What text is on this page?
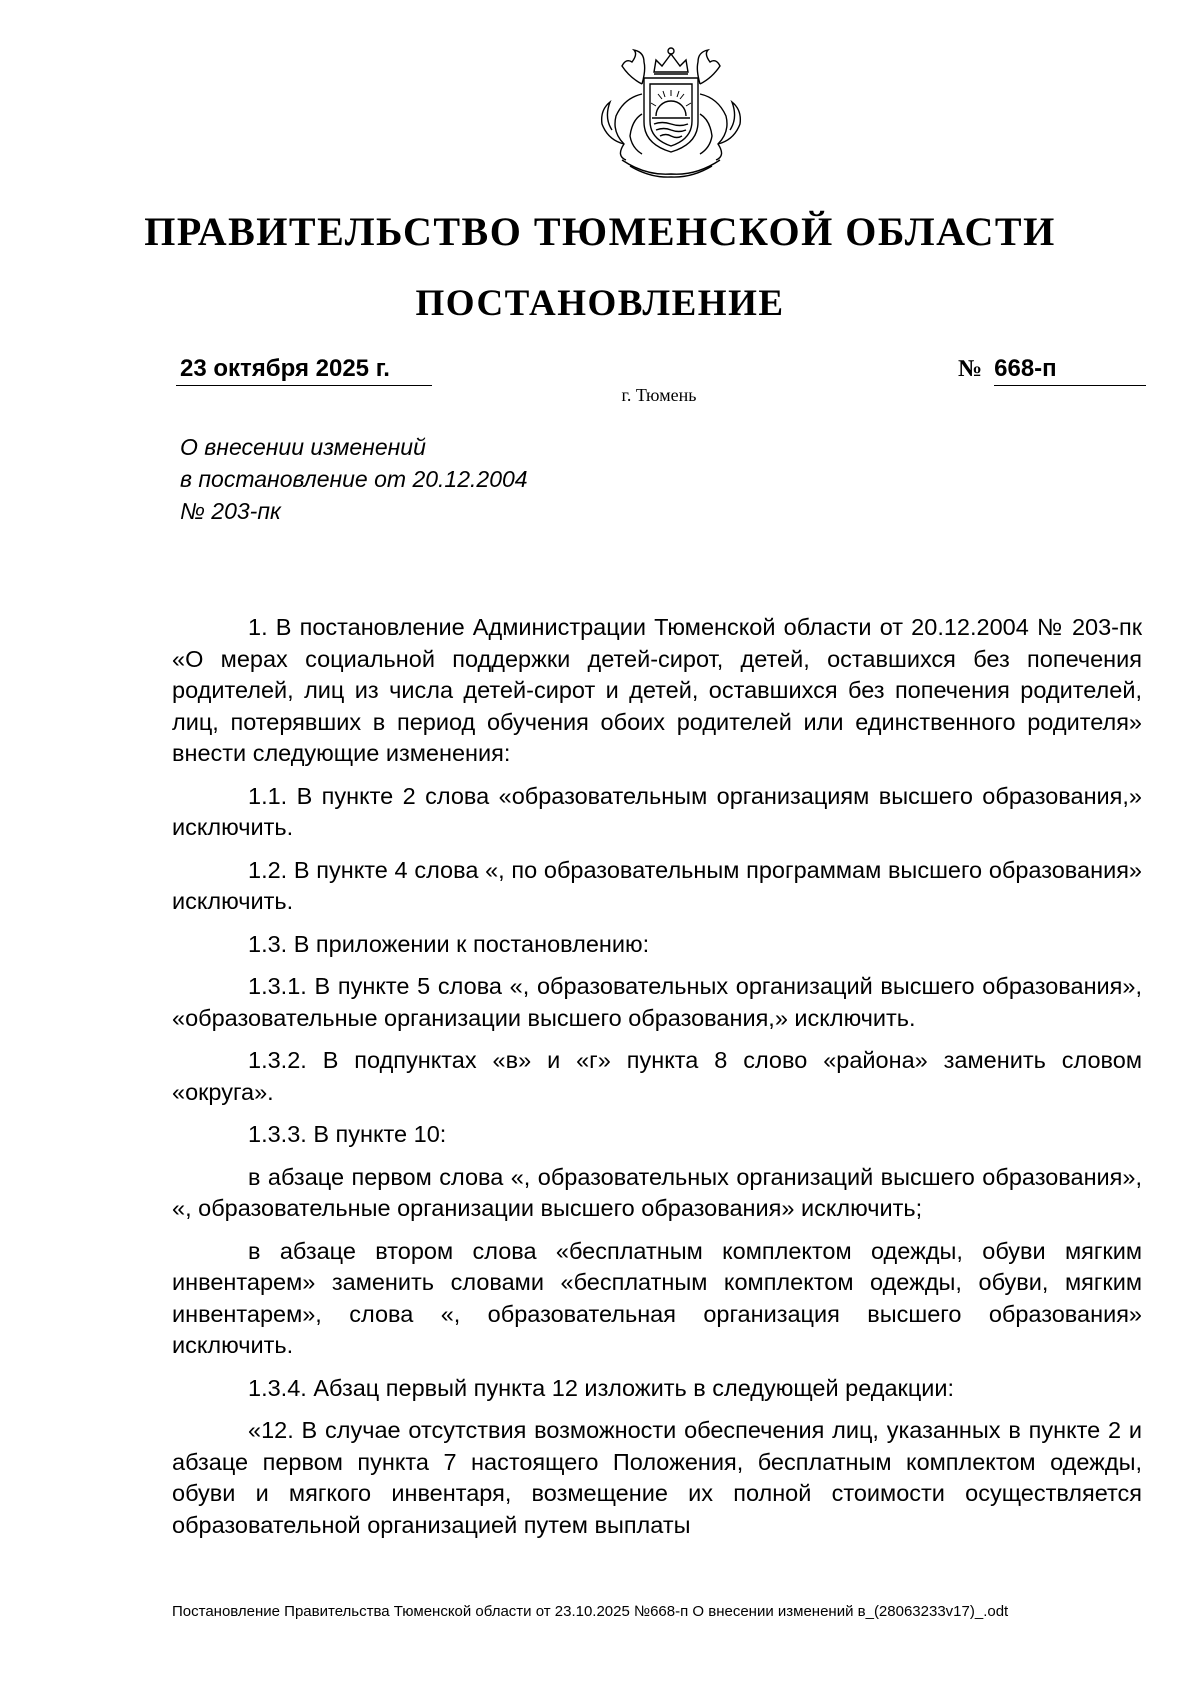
ПРАВИТЕЛЬСТВО ТЮМЕНСКОЙ ОБЛАСТИ
ПОСТАНОВЛЕНИЕ
23 октября 2025 г.	№ 668-п
г. Тюмень
О внесении изменений
в постановление от 20.12.2004
№ 203-пк

1. В постановление Администрации Тюменской области от 20.12.2004 № 203-пк «О мерах социальной поддержки детей-сирот, детей, оставшихся без попечения родителей, лиц из числа детей-сирот и детей, оставшихся без попечения родителей, лиц, потерявших в период обучения обоих родителей или единственного родителя» внести следующие изменения:

1.1. В пункте 2 слова «образовательным организациям высшего образования,» исключить.

1.2. В пункте 4 слова «, по образовательным программам высшего образования» исключить.

1.3. В приложении к постановлению:

1.3.1. В пункте 5 слова «, образовательных организаций высшего образования», «образовательные организации высшего образования,» исключить.

1.3.2. В подпунктах «в» и «г» пункта 8 слово «района» заменить словом «округа».

1.3.3. В пункте 10:

в абзаце первом слова «, образовательных организаций высшего образования», «, образовательные организации высшего образования» исключить;

в абзаце втором слова «бесплатным комплектом одежды, обуви мягким инвентарем» заменить словами «бесплатным комплектом одежды, обуви, мягким инвентарем», слова «, образовательная организация высшего образования» исключить.

1.3.4. Абзац первый пункта 12 изложить в следующей редакции:

«12. В случае отсутствия возможности обеспечения лиц, указанных в пункте 2 и абзаце первом пункта 7 настоящего Положения, бесплатным комплектом одежды, обуви и мягкого инвентаря, возмещение их полной стоимости осуществляется образовательной организацией путем выплаты

Постановление Правительства Тюменской области от 23.10.2025 №668-п О внесении изменений в_(28063233v17)_.odt
